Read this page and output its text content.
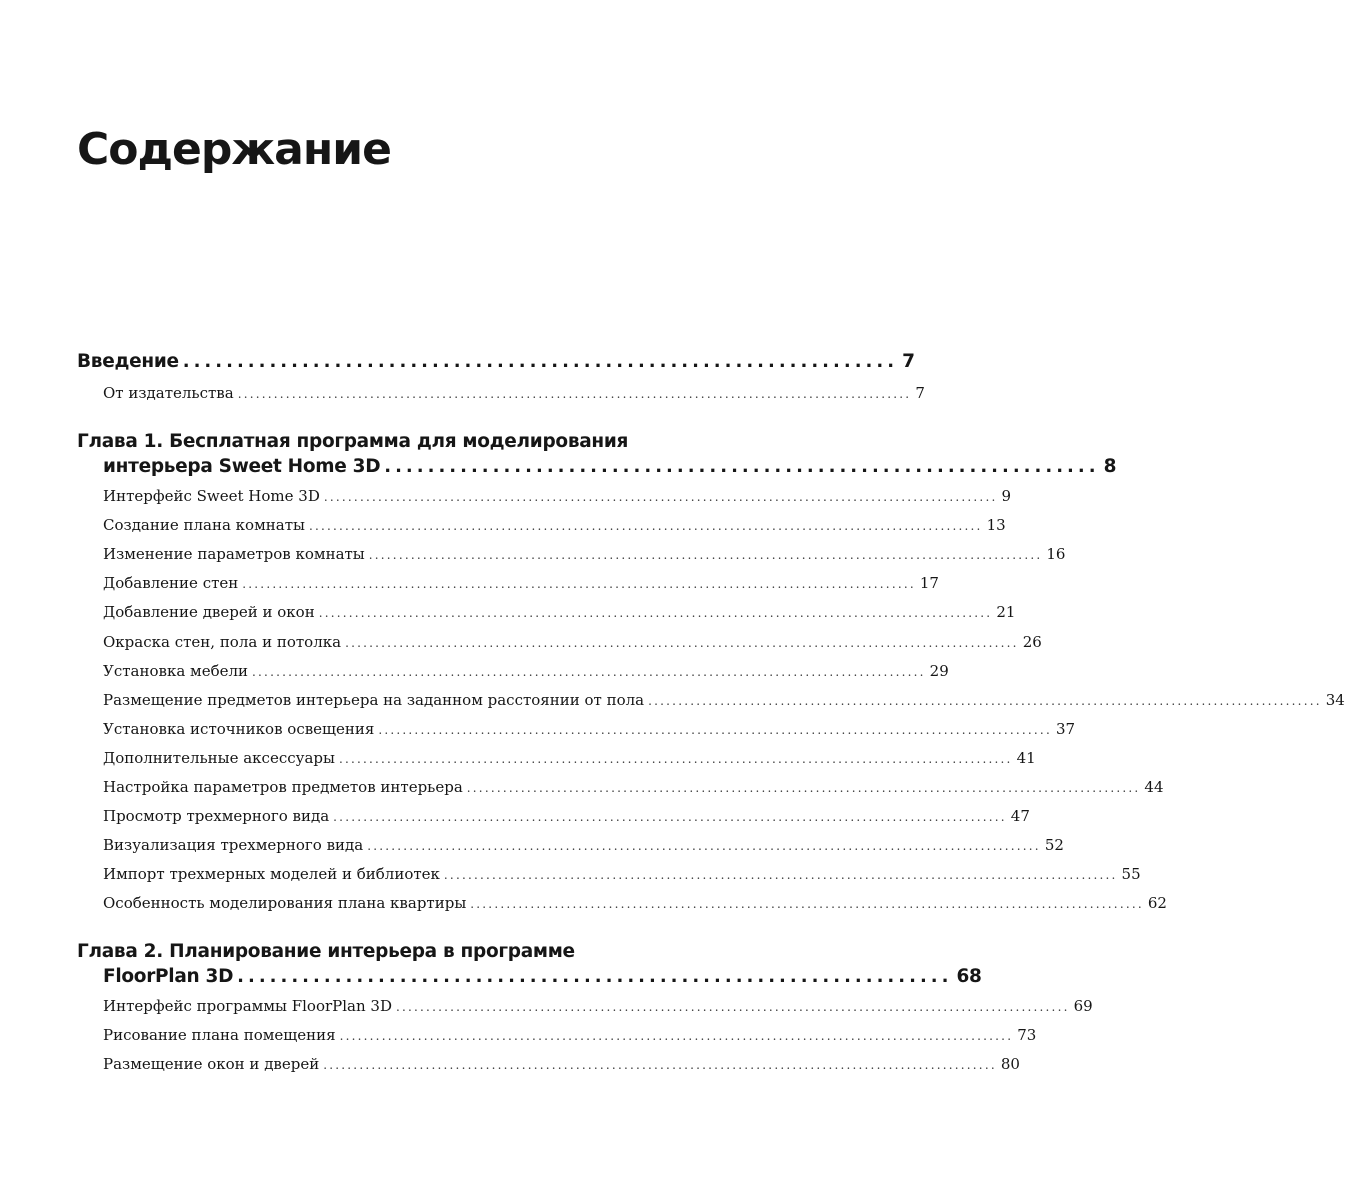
Содержание
Введение .................................................................. 7
От издательства ................................................................................................................ 7
Глава 1. Бесплатная программа для моделирования
интерьера Sweet Home 3D .................................................................. 8
Интерфейс Sweet Home 3D ................................................................................................................ 9
Создание плана комнаты ................................................................................................................ 13
Изменение параметров комнаты ................................................................................................................ 16
Добавление стен ................................................................................................................ 17
Добавление дверей и окон ................................................................................................................ 21
Окраска стен, пола и потолка ................................................................................................................ 26
Установка мебели ................................................................................................................ 29
Размещение предметов интерьера на заданном расстоянии от пола ................................................................................................................ 34
Установка источников освещения ................................................................................................................ 37
Дополнительные аксессуары ................................................................................................................ 41
Настройка параметров предметов интерьера ................................................................................................................ 44
Просмотр трехмерного вида ................................................................................................................ 47
Визуализация трехмерного вида ................................................................................................................ 52
Импорт трехмерных моделей и библиотек ................................................................................................................ 55
Особенность моделирования плана квартиры ................................................................................................................ 62
Глава 2. Планирование интерьера в программе
FloorPlan 3D .................................................................. 68
Интерфейс программы FloorPlan 3D ................................................................................................................ 69
Рисование плана помещения ................................................................................................................ 73
Размещение окон и дверей ................................................................................................................ 80
